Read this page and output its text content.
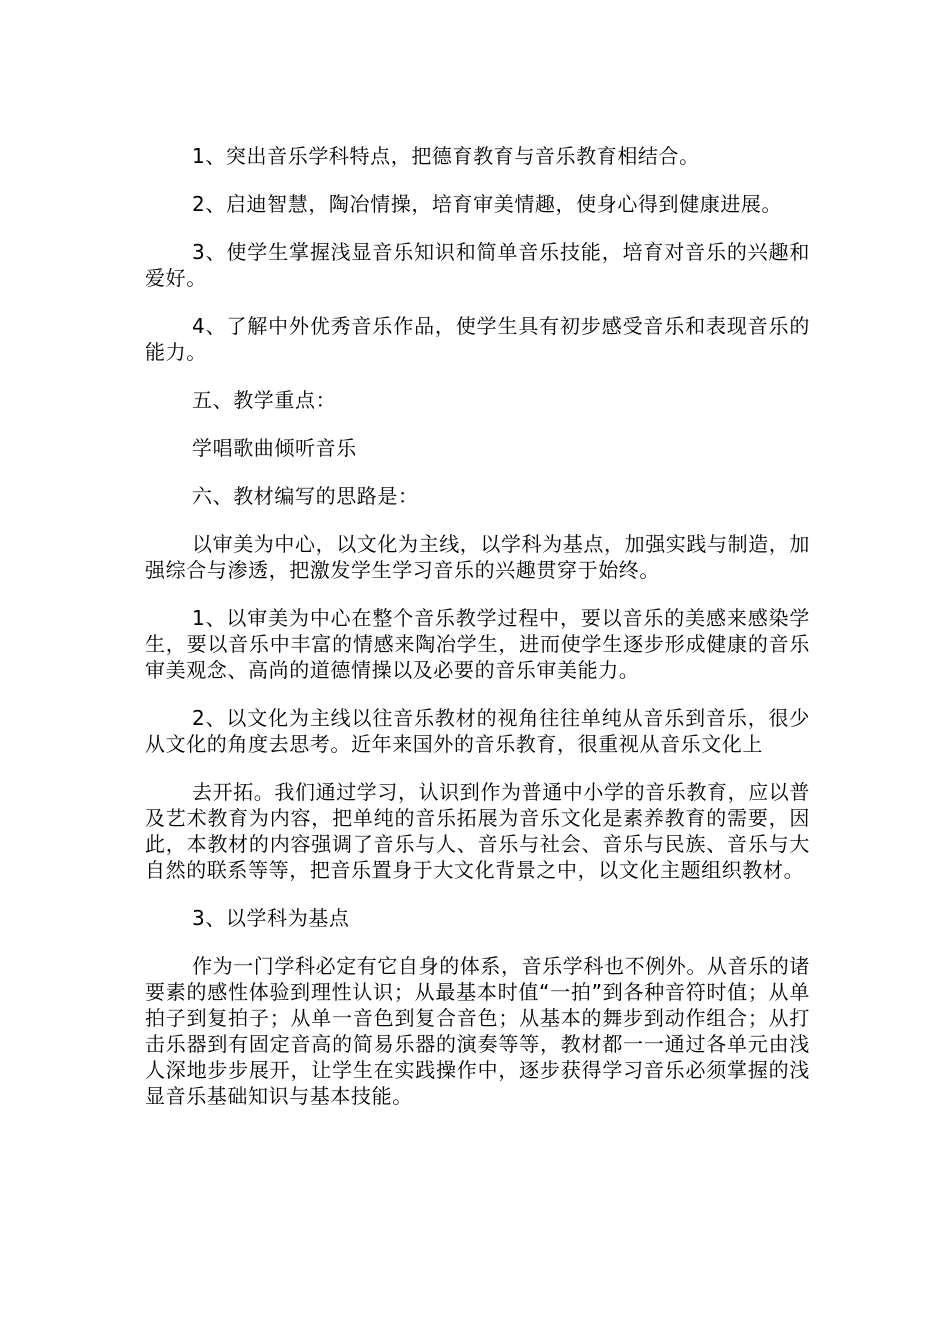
1、突出音乐学科特点，把德育教育与音乐教育相结合。

2、启迪智慧，陶冶情操，培育审美情趣，使身心得到健康进展。

3、使学生掌握浅显音乐知识和简单音乐技能，培育对音乐的兴趣和爱好。

4、了解中外优秀音乐作品，使学生具有初步感受音乐和表现音乐的能力。

五、教学重点：

学唱歌曲倾听音乐

六、教材编写的思路是：

以审美为中心，以文化为主线，以学科为基点，加强实践与制造，加强综合与渗透，把激发学生学习音乐的兴趣贯穿于始终。

1、以审美为中心在整个音乐教学过程中，要以音乐的美感来感染学生，要以音乐中丰富的情感来陶冶学生，进而使学生逐步形成健康的音乐审美观念、高尚的道德情操以及必要的音乐审美能力。

2、以文化为主线以往音乐教材的视角往往单纯从音乐到音乐，很少从文化的角度去思考。近年来国外的音乐教育，很重视从音乐文化上

去开拓。我们通过学习，认识到作为普通中小学的音乐教育，应以普及艺术教育为内容，把单纯的音乐拓展为音乐文化是素养教育的需要，因此，本教材的内容强调了音乐与人、音乐与社会、音乐与民族、音乐与大自然的联系等等，把音乐置身于大文化背景之中，以文化主题组织教材。

3、以学科为基点

作为一门学科必定有它自身的体系，音乐学科也不例外。从音乐的诸要素的感性体验到理性认识；从最基本时值“一拍”到各种音符时值；从单拍子到复拍子；从单一音色到复合音色；从基本的舞步到动作组合；从打击乐器到有固定音高的简易乐器的演奏等等，教材都一一通过各单元由浅人深地步步展开，让学生在实践操作中，逐步获得学习音乐必须掌握的浅显音乐基础知识与基本技能。
